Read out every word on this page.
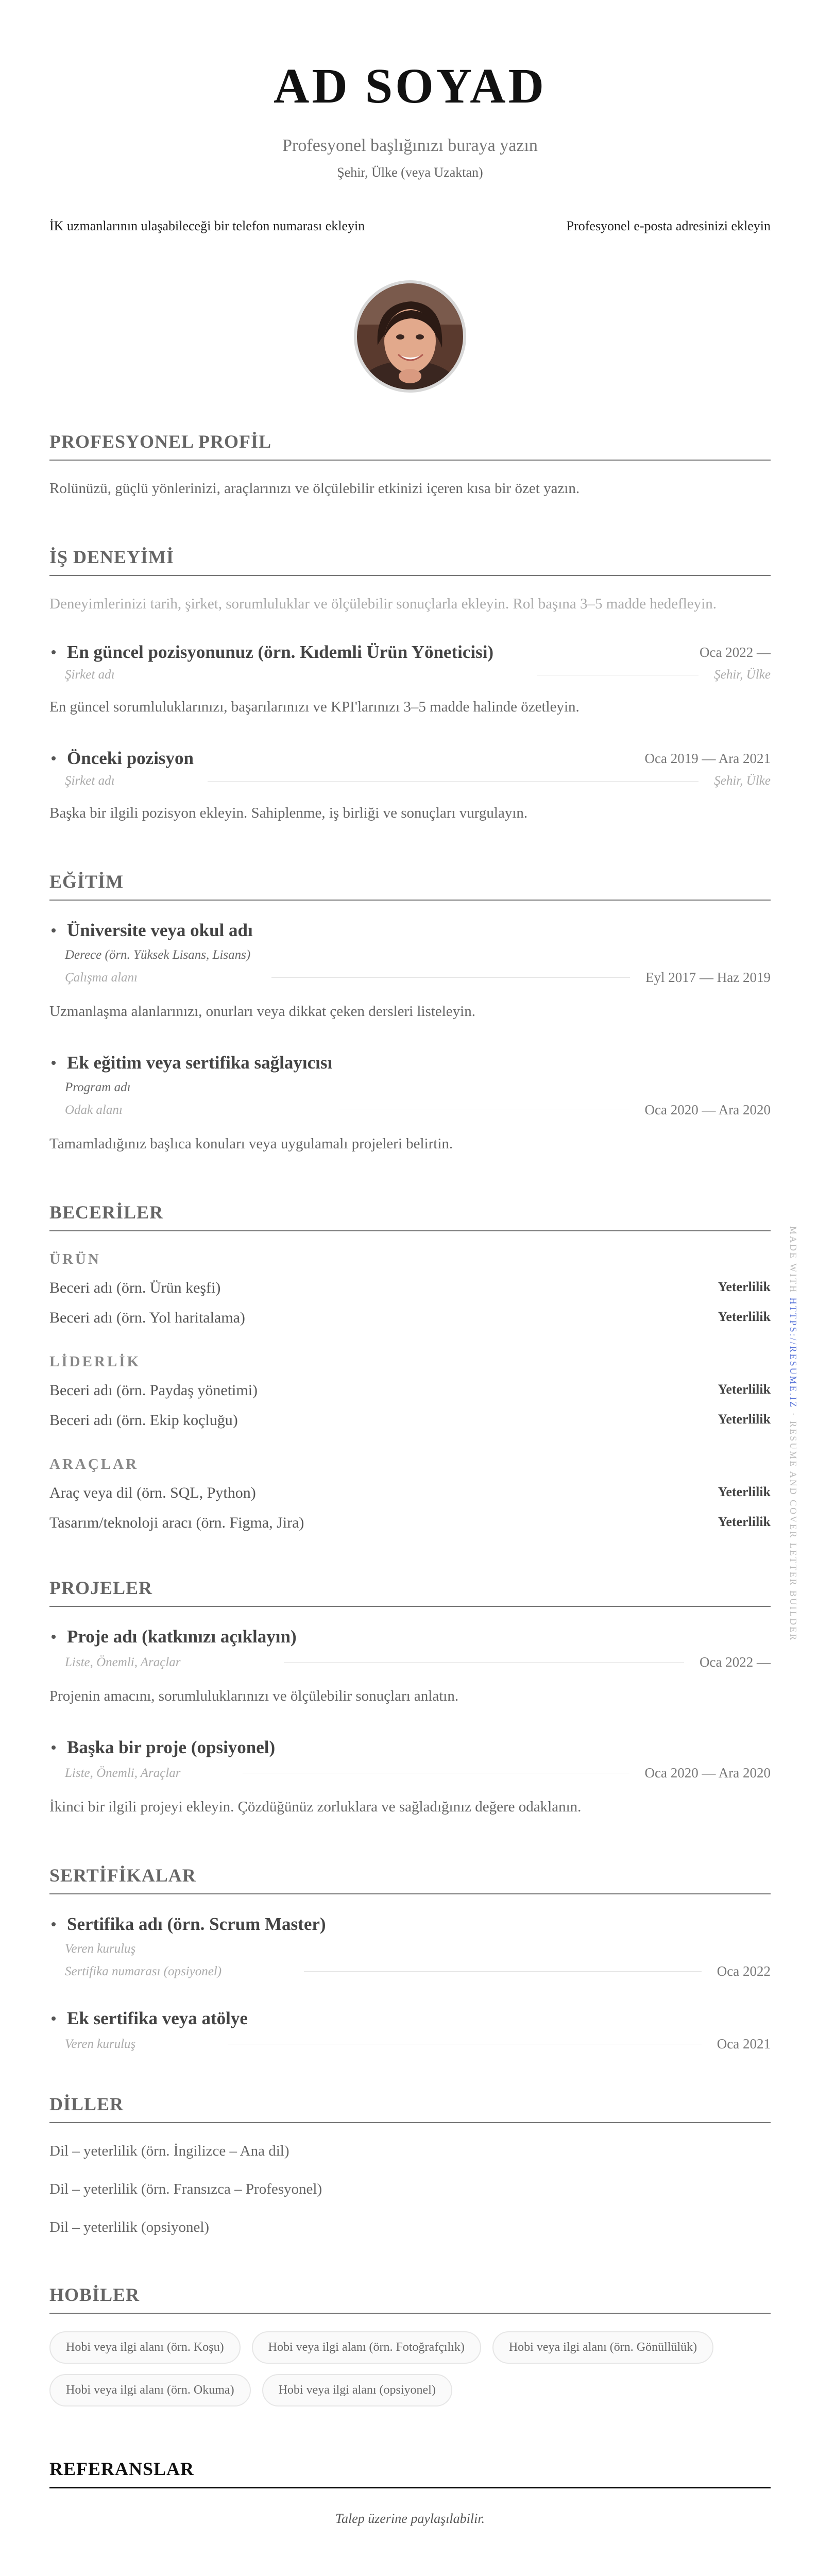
AD SOYAD
Profesyonel başlığınızı buraya yazın
Şehir, Ülke (veya Uzaktan)
İK uzmanlarının ulaşabileceği bir telefon numarası ekleyin	Profesyonel e-posta adresinizi ekleyin
PROFESYONEL PROFİL
Rolünüzü, güçlü yönlerinizi, araçlarınızı ve ölçülebilir etkinizi içeren kısa bir özet yazın.
İŞ DENEYİMİ
Deneyimlerinizi tarih, şirket, sorumluluklar ve ölçülebilir sonuçlarla ekleyin. Rol başına 3–5 madde hedefleyin.
En güncel pozisyonunuz (örn. Kıdemli Ürün Yöneticisi)	Oca 2022 —
Şirket adı	Şehir, Ülke
En güncel sorumluluklarınızı, başarılarınızı ve KPI'larınızı 3–5 madde halinde özetleyin.
Önceki pozisyon	Oca 2019 — Ara 2021
Şirket adı	Şehir, Ülke
Başka bir ilgili pozisyon ekleyin. Sahiplenme, iş birliği ve sonuçları vurgulayın.
EĞİTİM
Üniversite veya okul adı
Derece (örn. Yüksek Lisans, Lisans)
Çalışma alanı	Eyl 2017 — Haz 2019
Uzmanlaşma alanlarınızı, onurları veya dikkat çeken dersleri listeleyin.
Ek eğitim veya sertifika sağlayıcısı
Program adı
Odak alanı	Oca 2020 — Ara 2020
Tamamladığınız başlıca konuları veya uygulamalı projeleri belirtin.
BECERİLER
ÜRÜN
Beceri adı (örn. Ürün keşfi)	Yeterlilik
Beceri adı (örn. Yol haritalama)	Yeterlilik
LİDERLİK
Beceri adı (örn. Paydaş yönetimi)	Yeterlilik
Beceri adı (örn. Ekip koçluğu)	Yeterlilik
ARAÇLAR
Araç veya dil (örn. SQL, Python)	Yeterlilik
Tasarım/teknoloji aracı (örn. Figma, Jira)	Yeterlilik
PROJELER
Proje adı (katkınızı açıklayın)
Liste, Önemli, Araçlar	Oca 2022 —
Projenin amacını, sorumluluklarınızı ve ölçülebilir sonuçları anlatın.
Başka bir proje (opsiyonel)
Liste, Önemli, Araçlar	Oca 2020 — Ara 2020
İkinci bir ilgili projeyi ekleyin. Çözdüğünüz zorluklara ve sağladığınız değere odaklanın.
SERTİFİKALAR
Sertifika adı (örn. Scrum Master)
Veren kuruluş
Sertifika numarası (opsiyonel)	Oca 2022
Ek sertifika veya atölye
Veren kuruluş	Oca 2021
DİLLER
Dil – yeterlilik (örn. İngilizce – Ana dil)
Dil – yeterlilik (örn. Fransızca – Profesyonel)
Dil – yeterlilik (opsiyonel)
HOBİLER
Hobi veya ilgi alanı (örn. Koşu)	Hobi veya ilgi alanı (örn. Fotoğrafçılık)	Hobi veya ilgi alanı (örn. Gönüllülük)
Hobi veya ilgi alanı (örn. Okuma)	Hobi veya ilgi alanı (opsiyonel)
REFERANSLAR
Talep üzerine paylaşılabilir.
MADE WITH HTTPS://RESUME.IZ · RESUME AND COVER LETTER BUILDER
